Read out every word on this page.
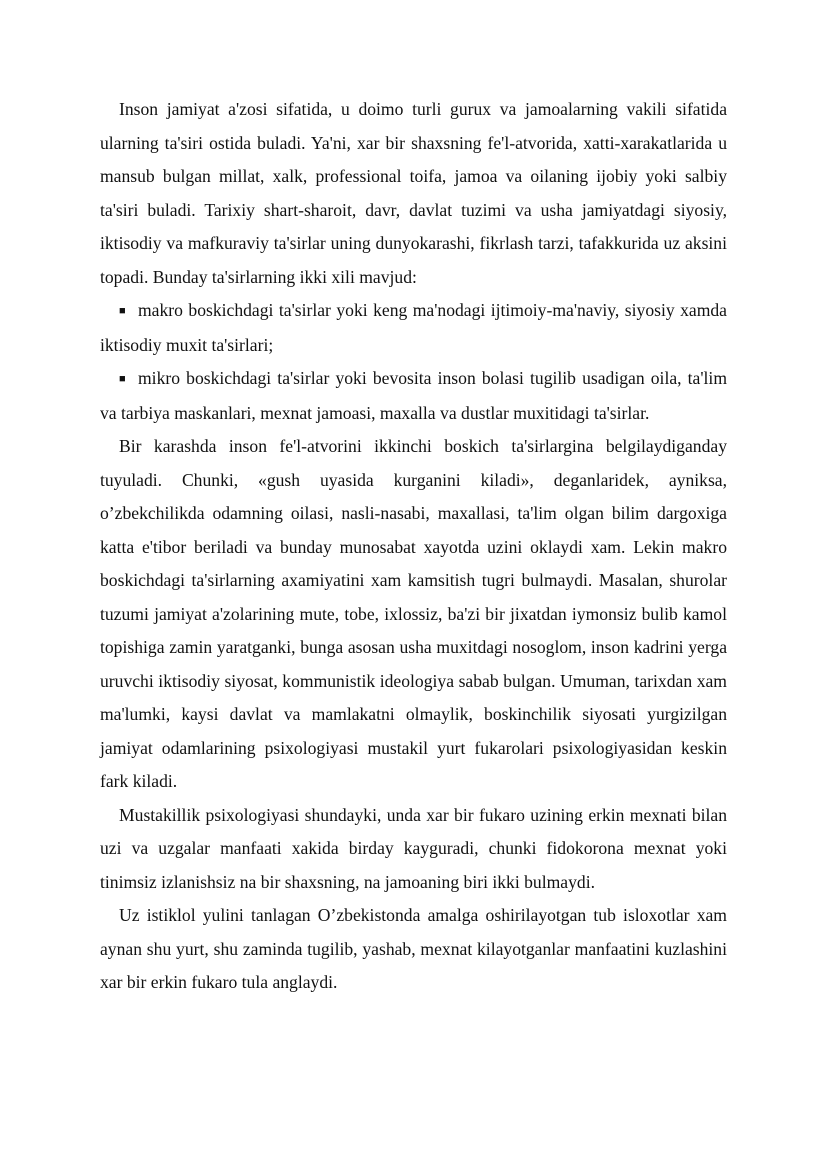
Inson jamiyat a'zosi sifatida, u doimo turli gurux va jamoalarning vakili sifatida ularning ta'siri ostida buladi. Ya'ni, xar bir shaxsning fe'l-atvorida, xatti-xarakatlarida u mansub bulgan millat, xalk, professional toifa, jamoa va oilaning ijobiy yoki salbiy ta'siri buladi. Tarixiy shart-sharoit, davr, davlat tuzimi va usha jamiyatdagi siyosiy, iktisodiy va mafkuraviy ta'sirlar uning dunyokarashi, fikrlash tarzi, tafakkurida uz aksini topadi. Bunday ta'sirlarning ikki xili mavjud:

■ makro boskichdagi ta'sirlar yoki keng ma'nodagi ijtimoiy-ma'naviy, siyosiy xamda iktisodiy muxit ta'sirlari;

■ mikro boskichdagi ta'sirlar yoki bevosita inson bolasi tugilib usadigan oila, ta'lim va tarbiya maskanlari, mexnat jamoasi, maxalla va dustlar muxitidagi ta'sirlar.

Bir karashda inson fe'l-atvorini ikkinchi boskich ta'sirlargina belgilaydiganday tuyuladi. Chunki, «gush uyasida kurganini kiladi», deganlaridek, ayniksa, o’zbekchilikda odamning oilasi, nasli-nasabi, maxallasi, ta'lim olgan bilim dargoxiga katta e'tibor beriladi va bunday munosabat xayotda uzini oklaydi xam. Lekin makro boskichdagi ta'sirlarning axamiyatini xam kamsitish tugri bulmaydi. Masalan, shurolar tuzumi jamiyat a'zolarining mute, tobe, ixlossiz, ba'zi bir jixatdan iymonsiz bulib kamol topishiga zamin yaratganki, bunga asosan usha muxitdagi nosoglom, inson kadrini yerga uruvchi iktisodiy siyosat, kommunistik ideologiya sabab bulgan. Umuman, tarixdan xam ma'lumki, kaysi davlat va mamlakatni olmaylik, boskinchilik siyosati yurgizilgan jamiyat odamlarining psixologiyasi mustakil yurt fukarolari psixologiyasidan keskin fark kiladi.

Mustakillik psixologiyasi shundayki, unda xar bir fukaro uzining erkin mexnati bilan uzi va uzgalar manfaati xakida birday kayguradi, chunki fidokorona mexnat yoki tinimsiz izlanishsiz na bir shaxsning, na jamoaning biri ikki bulmaydi.

Uz istiklol yulini tanlagan O’zbekistonda amalga oshirilayotgan tub isloxotlar xam aynan shu yurt, shu zaminda tugilib, yashab, mexnat kilayotganlar manfaatini kuzlashini xar bir erkin fukaro tula anglaydi.
